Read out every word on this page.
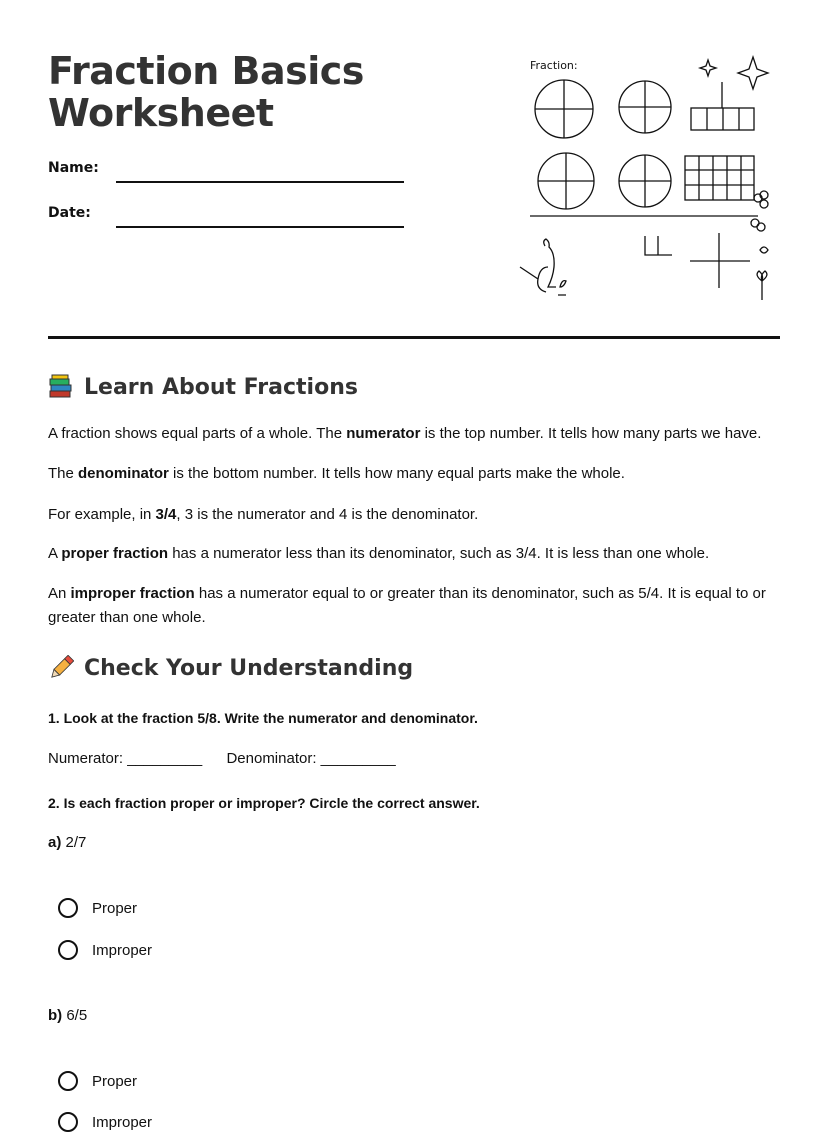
Fraction Basics
Worksheet
Name:
Date:
Fraction:
Learn About Fractions

A fraction shows equal parts of a whole. The numerator is the top number. It tells how many parts we have.

The denominator is the bottom number. It tells how many equal parts make the whole.

For example, in 3/4, 3 is the numerator and 4 is the denominator.

A proper fraction has a numerator less than its denominator, such as 3/4. It is less than one whole.

An improper fraction has a numerator equal to or greater than its denominator, such as 5/4. It is equal to or greater than one whole.

Check Your Understanding

1. Look at the fraction 5/8. Write the numerator and denominator.

Numerator: _________ Denominator: _________

2. Is each fraction proper or improper? Circle the correct answer.

a) 2/7
Proper
Improper
b) 6/5
Proper
Improper
